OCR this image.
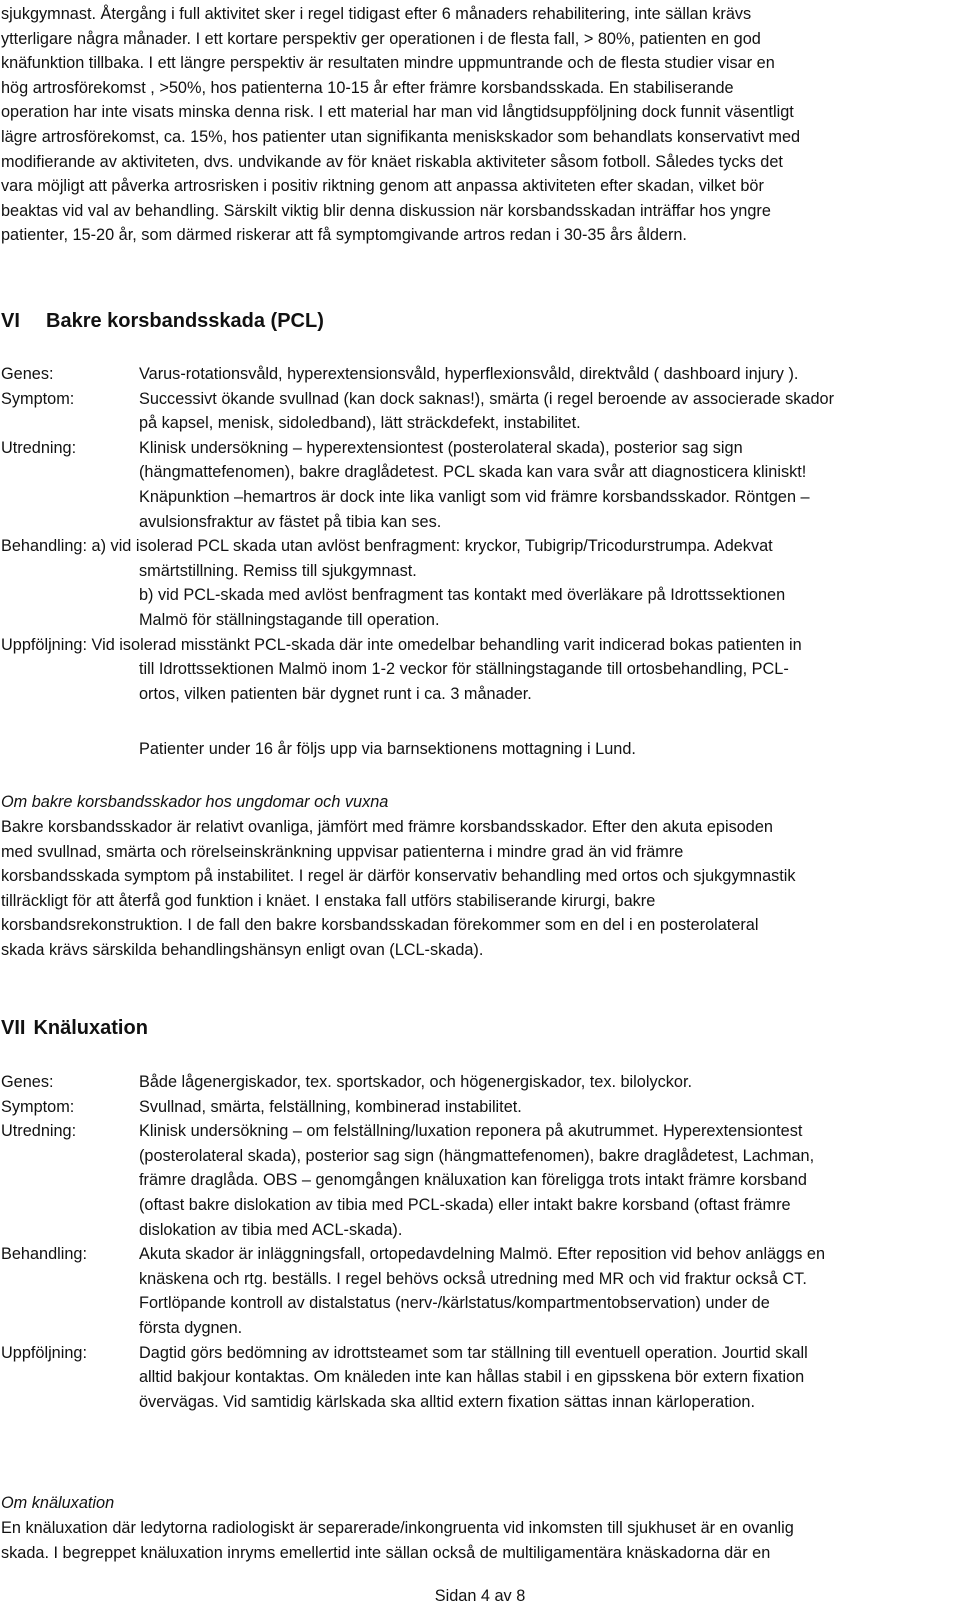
sjukgymnast. Återgång i full aktivitet sker i regel tidigast efter 6 månaders rehabilitering, inte sällan krävs
ytterligare några månader. I ett kortare perspektiv ger operationen i de flesta fall, > 80%, patienten en god
knäfunktion tillbaka. I ett längre perspektiv är resultaten mindre uppmuntrande och de flesta studier visar en
hög artrosförekomst , >50%, hos patienterna 10-15 år efter främre korsbandsskada. En stabiliserande
operation har inte visats minska denna risk. I ett material har man vid långtidsuppföljning dock funnit väsentligt
lägre artrosförekomst, ca. 15%, hos patienter utan signifikanta meniskskador som behandlats konservativt med
modifierande av aktiviteten, dvs. undvikande av för knäet riskabla aktiviteter såsom fotboll. Således tycks det
vara möjligt att påverka artrosrisken i positiv riktning genom att anpassa aktiviteten efter skadan, vilket bör
beaktas vid val av behandling. Särskilt viktig blir denna diskussion när korsbandsskadan inträffar hos yngre
patienter, 15-20 år, som därmed riskerar att få symptomgivande artros redan i 30-35 års åldern.
VI Bakre korsbandsskada (PCL)
Genes:	Varus-rotationsvåld, hyperextensionsvåld, hyperflexionsvåld, direktvåld ( dashboard injury ).
Symptom:	Successivt ökande svullnad (kan dock saknas!), smärta (i regel beroende av associerade skador
på kapsel, menisk, sidoledband), lätt sträckdefekt, instabilitet.
Utredning:	Klinisk undersökning – hyperextensiontest (posterolateral skada), posterior sag sign
(hängmattefenomen), bakre draglådetest. PCL skada kan vara svår att diagnosticera kliniskt!
Knäpunktion –hemartros är dock inte lika vanligt som vid främre korsbandsskador. Röntgen –
avulsionsfraktur av fästet på tibia kan ses.
Behandling: a) vid isolerad PCL skada utan avlöst benfragment: kryckor, Tubigrip/Tricodurstrumpa. Adekvat
smärtstillning. Remiss till sjukgymnast.
b) vid PCL-skada med avlöst benfragment tas kontakt med överläkare på Idrottssektionen
Malmö för ställningstagande till operation.
Uppföljning: Vid isolerad misstänkt PCL-skada där inte omedelbar behandling varit indicerad bokas patienten in
till Idrottssektionen Malmö inom 1-2 veckor för ställningstagande till ortosbehandling, PCL-
ortos, vilken patienten bär dygnet runt i ca. 3 månader.
Patienter under 16 år följs upp via barnsektionens mottagning i Lund.
Om bakre korsbandsskador hos ungdomar och vuxna
Bakre korsbandsskador är relativt ovanliga, jämfört med främre korsbandsskador. Efter den akuta episoden
med svullnad, smärta och rörelseinskränkning uppvisar patienterna i mindre grad än vid främre
korsbandsskada symptom på instabilitet. I regel är därför konservativ behandling med ortos och sjukgymnastik
tillräckligt för att återfå god funktion i knäet. I enstaka fall utförs stabiliserande kirurgi, bakre
korsbandsrekonstruktion. I de fall den bakre korsbandsskadan förekommer som en del i en posterolateral
skada krävs särskilda behandlingshänsyn enligt ovan (LCL-skada).
VII Knäluxation
Genes:	Både lågenergiskador, tex. sportskador, och högenergiskador, tex. bilolyckor.
Symptom:	Svullnad, smärta, felställning, kombinerad instabilitet.
Utredning:	Klinisk undersökning – om felställning/luxation reponera på akutrummet. Hyperextensiontest
(posterolateral skada), posterior sag sign (hängmattefenomen), bakre draglådetest, Lachman,
främre draglåda. OBS – genomgången knäluxation kan föreligga trots intakt främre korsband
(oftast bakre dislokation av tibia med PCL-skada) eller intakt bakre korsband (oftast främre
dislokation av tibia med ACL-skada).
Behandling:	Akuta skador är inläggningsfall, ortopedavdelning Malmö. Efter reposition vid behov anläggs en
knäskena och rtg. beställs. I regel behövs också utredning med MR och vid fraktur också CT.
Fortlöpande kontroll av distalstatus (nerv-/kärlstatus/kompartmentobservation) under de
första dygnen.
Uppföljning:	Dagtid görs bedömning av idrottsteamet som tar ställning till eventuell operation. Jourtid skall
alltid bakjour kontaktas. Om knäleden inte kan hållas stabil i en gipsskena bör extern fixation
övervägas. Vid samtidig kärlskada ska alltid extern fixation sättas innan kärloperation.
Om knäluxation
En knäluxation där ledytorna radiologiskt är separerade/inkongruenta vid inkomsten till sjukhuset är en ovanlig
skada. I begreppet knäluxation inryms emellertid inte sällan också de multiligamentära knäskadorna där en
Sidan 4 av 8
